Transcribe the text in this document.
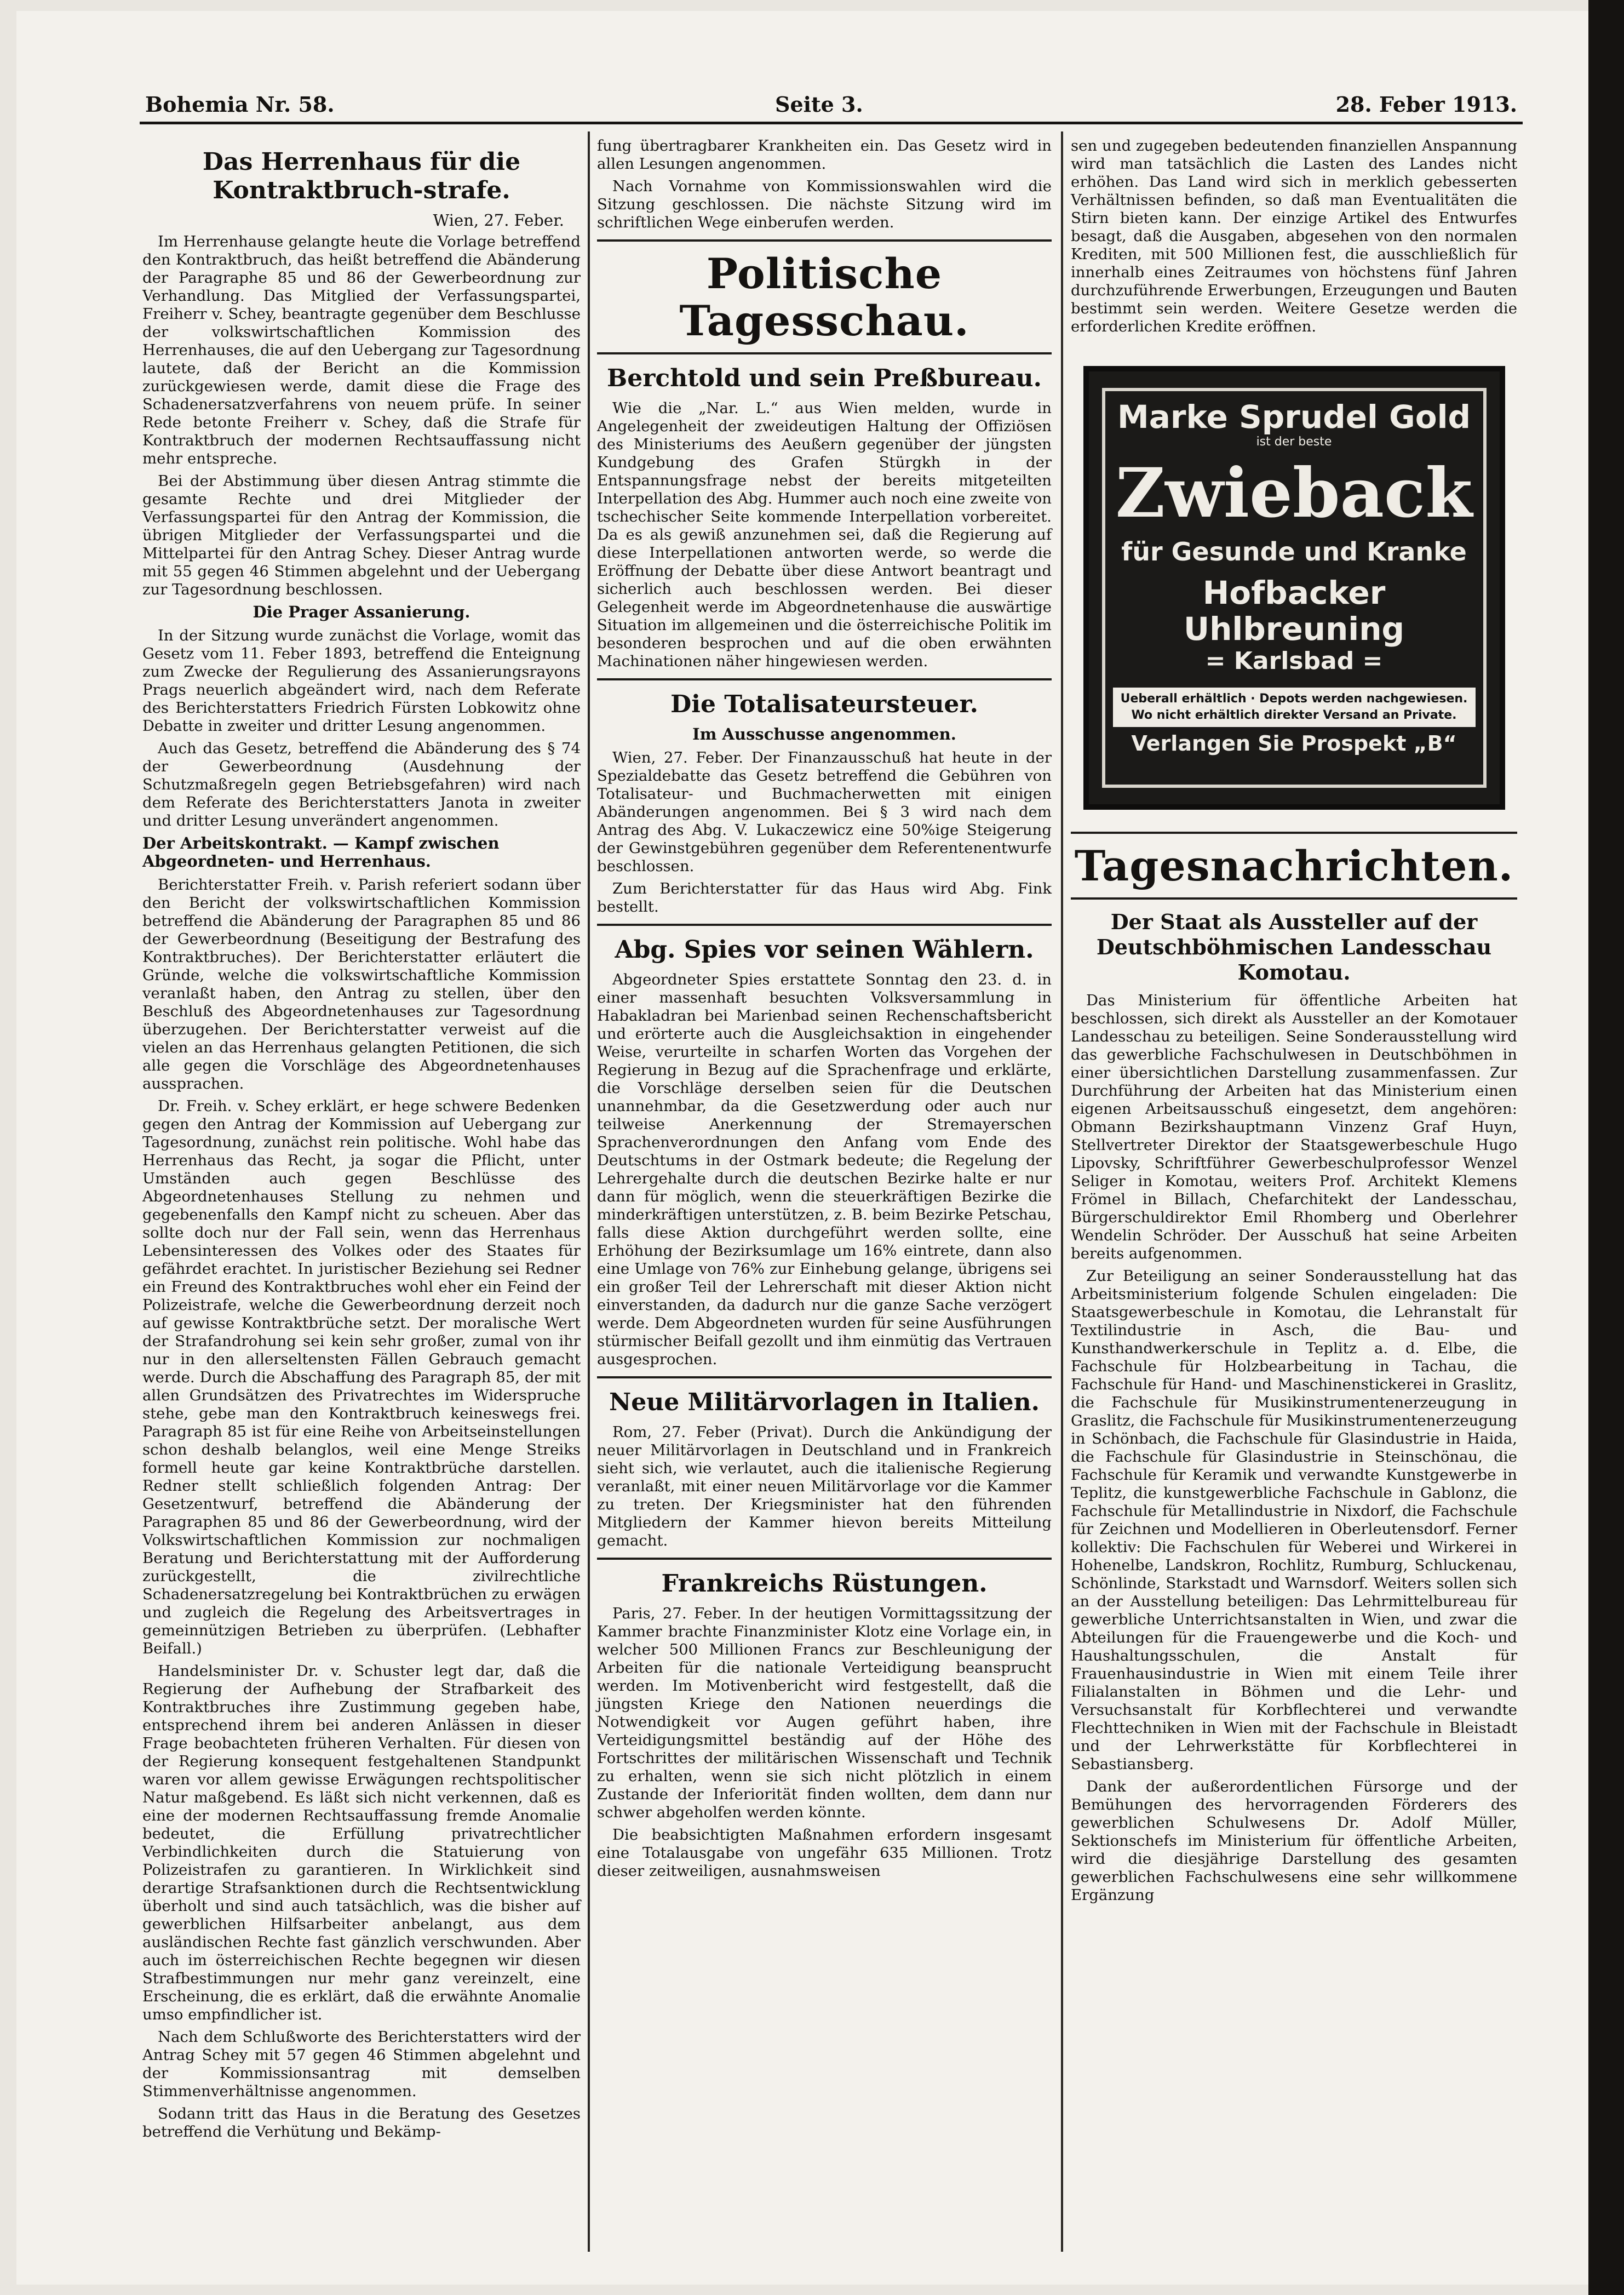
Bohemia Nr. 58.	Seite 3.	28. Feber 1913.
Das Herrenhaus für die Kontraktbruch-strafe.
Wien, 27. Feber.

Im Herrenhause gelangte heute die Vorlage betreffend den Kontraktbruch, das heißt betreffend die Abänderung der Paragraphe 85 und 86 der Gewerbeordnung zur Verhandlung. Das Mitglied der Verfassungspartei, Freiherr v. Schey, beantragte gegenüber dem Beschlusse der volkswirtschaftlichen Kommission des Herrenhauses, die auf den Uebergang zur Tagesordnung lautete, daß der Bericht an die Kommission zurückgewiesen werde, damit diese die Frage des Schadenersatzverfahrens von neuem prüfe. In seiner Rede betonte Freiherr v. Schey, daß die Strafe für Kontraktbruch der modernen Rechtsauffassung nicht mehr entspreche.

Bei der Abstimmung über diesen Antrag stimmte die gesamte Rechte und drei Mitglieder der Verfassungspartei für den Antrag der Kommission, die übrigen Mitglieder der Verfassungspartei und die Mittelpartei für den Antrag Schey. Dieser Antrag wurde mit 55 gegen 46 Stimmen abgelehnt und der Uebergang zur Tagesordnung beschlossen.

Die Prager Assanierung.

In der Sitzung wurde zunächst die Vorlage, womit das Gesetz vom 11. Feber 1893, betreffend die Enteignung zum Zwecke der Regulierung des Assanierungsrayons Prags neuerlich abgeändert wird, nach dem Referate des Berichterstatters Friedrich Fürsten Lobkowitz ohne Debatte in zweiter und dritter Lesung angenommen.

Auch das Gesetz, betreffend die Abänderung des § 74 der Gewerbeordnung (Ausdehnung der Schutzmaßregeln gegen Betriebsgefahren) wird nach dem Referate des Berichterstatters Janota in zweiter und dritter Lesung unverändert angenommen.

Der Arbeitskontrakt. — Kampf zwischen Abgeordneten- und Herrenhaus.

Berichterstatter Freih. v. Parish referiert sodann über den Bericht der volkswirtschaftlichen Kommission betreffend die Abänderung der Paragraphen 85 und 86 der Gewerbeordnung (Beseitigung der Bestrafung des Kontraktbruches). Der Berichterstatter erläutert die Gründe, welche die volkswirtschaftliche Kommission veranlaßt haben, den Antrag zu stellen, über den Beschluß des Abgeordnetenhauses zur Tagesordnung überzugehen. Der Berichterstatter verweist auf die vielen an das Herrenhaus gelangten Petitionen, die sich alle gegen die Vorschläge des Abgeordnetenhauses aussprachen.

Dr. Freih. v. Schey erklärt, er hege schwere Bedenken gegen den Antrag der Kommission auf Uebergang zur Tagesordnung, zunächst rein politische. Wohl habe das Herrenhaus das Recht, ja sogar die Pflicht, unter Umständen auch gegen Beschlüsse des Abgeordnetenhauses Stellung zu nehmen und gegebenenfalls den Kampf nicht zu scheuen. Aber das sollte doch nur der Fall sein, wenn das Herrenhaus Lebensinteressen des Volkes oder des Staates für gefährdet erachtet. In juristischer Beziehung sei Redner ein Freund des Kontraktbruches wohl eher ein Feind der Polizeistrafe, welche die Gewerbeordnung derzeit noch auf gewisse Kontraktbrüche setzt. Der moralische Wert der Strafandrohung sei kein sehr großer, zumal von ihr nur in den allerseltensten Fällen Gebrauch gemacht werde. Durch die Abschaffung des Paragraph 85, der mit allen Grundsätzen des Privatrechtes im Widerspruche stehe, gebe man den Kontraktbruch keineswegs frei. Paragraph 85 ist für eine Reihe von Arbeitseinstellungen schon deshalb belanglos, weil eine Menge Streiks formell heute gar keine Kontraktbrüche darstellen. Redner stellt schließlich folgenden Antrag: Der Gesetzentwurf, betreffend die Abänderung der Paragraphen 85 und 86 der Gewerbeordnung, wird der Volkswirtschaftlichen Kommission zur nochmaligen Beratung und Berichterstattung mit der Aufforderung zurückgestellt, die zivilrechtliche Schadenersatzregelung bei Kontraktbrüchen zu erwägen und zugleich die Regelung des Arbeitsvertrages in gemeinnützigen Betrieben zu überprüfen. (Lebhafter Beifall.)

Handelsminister Dr. v. Schuster legt dar, daß die Regierung der Aufhebung der Strafbarkeit des Kontraktbruches ihre Zustimmung gegeben habe, entsprechend ihrem bei anderen Anlässen in dieser Frage beobachteten früheren Verhalten. Für diesen von der Regierung konsequent festgehaltenen Standpunkt waren vor allem gewisse Erwägungen rechtspolitischer Natur maßgebend. Es läßt sich nicht verkennen, daß es eine der modernen Rechtsauffassung fremde Anomalie bedeutet, die Erfüllung privatrechtlicher Verbindlichkeiten durch die Statuierung von Polizeistrafen zu garantieren. In Wirklichkeit sind derartige Strafsanktionen durch die Rechtsentwicklung überholt und sind auch tatsächlich, was die bisher auf gewerblichen Hilfsarbeiter anbelangt, aus dem ausländischen Rechte fast gänzlich verschwunden. Aber auch im österreichischen Rechte begegnen wir diesen Strafbestimmungen nur mehr ganz vereinzelt, eine Erscheinung, die es erklärt, daß die erwähnte Anomalie umso empfindlicher ist.

Nach dem Schlußworte des Berichterstatters wird der Antrag Schey mit 57 gegen 46 Stimmen abgelehnt und der Kommissionsantrag mit demselben Stimmenverhältnisse angenommen.

Sodann tritt das Haus in die Beratung des Gesetzes betreffend die Verhütung und Bekämp-

fung übertragbarer Krankheiten ein. Das Gesetz wird in allen Lesungen angenommen.

Nach Vornahme von Kommissionswahlen wird die Sitzung geschlossen. Die nächste Sitzung wird im schriftlichen Wege einberufen werden.

Politische Tagesschau.
Berchtold und sein Preßbureau.

Wie die „Nar. L.“ aus Wien melden, wurde in Angelegenheit der zweideutigen Haltung der Offiziösen des Ministeriums des Aeußern gegenüber der jüngsten Kundgebung des Grafen Stürgkh in der Entspannungsfrage nebst der bereits mitgeteilten Interpellation des Abg. Hummer auch noch eine zweite von tschechischer Seite kommende Interpellation vorbereitet. Da es als gewiß anzunehmen sei, daß die Regierung auf diese Interpellationen antworten werde, so werde die Eröffnung der Debatte über diese Antwort beantragt und sicherlich auch beschlossen werden. Bei dieser Gelegenheit werde im Abgeordnetenhause die auswärtige Situation im allgemeinen und die österreichische Politik im besonderen besprochen und auf die oben erwähnten Machinationen näher hingewiesen werden.

Die Totalisateursteuer.
Im Ausschusse angenommen.

Wien, 27. Feber. Der Finanzausschuß hat heute in der Spezialdebatte das Gesetz betreffend die Gebühren von Totalisateur- und Buchmacherwetten mit einigen Abänderungen angenommen. Bei § 3 wird nach dem Antrag des Abg. V. Lukaczewicz eine 50%ige Steigerung der Gewinstgebühren gegenüber dem Referentenentwurfe beschlossen.

Zum Berichterstatter für das Haus wird Abg. Fink bestellt.

Abg. Spies vor seinen Wählern.

Abgeordneter Spies erstattete Sonntag den 23. d. in einer massenhaft besuchten Volksversammlung in Habakladran bei Marienbad seinen Rechenschaftsbericht und erörterte auch die Ausgleichsaktion in eingehender Weise, verurteilte in scharfen Worten das Vorgehen der Regierung in Bezug auf die Sprachenfrage und erklärte, die Vorschläge derselben seien für die Deutschen unannehmbar, da die Gesetzwerdung oder auch nur teilweise Anerkennung der Stremayerschen Sprachenverordnungen den Anfang vom Ende des Deutschtums in der Ostmark bedeute; die Regelung der Lehrergehalte durch die deutschen Bezirke halte er nur dann für möglich, wenn die steuerkräftigen Bezirke die minderkräftigen unterstützen, z. B. beim Bezirke Petschau, falls diese Aktion durchgeführt werden sollte, eine Erhöhung der Bezirksumlage um 16% eintrete, dann also eine Umlage von 76% zur Einhebung gelange, übrigens sei ein großer Teil der Lehrerschaft mit dieser Aktion nicht einverstanden, da dadurch nur die ganze Sache verzögert werde. Dem Abgeordneten wurden für seine Ausführungen stürmischer Beifall gezollt und ihm einmütig das Vertrauen ausgesprochen.

Neue Militärvorlagen in Italien.

Rom, 27. Feber (Privat). Durch die Ankündigung der neuer Militärvorlagen in Deutschland und in Frankreich sieht sich, wie verlautet, auch die italienische Regierung veranlaßt, mit einer neuen Militärvorlage vor die Kammer zu treten. Der Kriegsminister hat den führenden Mitgliedern der Kammer hievon bereits Mitteilung gemacht.

Frankreichs Rüstungen.

Paris, 27. Feber. In der heutigen Vormittagssitzung der Kammer brachte Finanzminister Klotz eine Vorlage ein, in welcher 500 Millionen Francs zur Beschleunigung der Arbeiten für die nationale Verteidigung beansprucht werden. Im Motivenbericht wird festgestellt, daß die jüngsten Kriege den Nationen neuerdings die Notwendigkeit vor Augen geführt haben, ihre Verteidigungsmittel beständig auf der Höhe des Fortschrittes der militärischen Wissenschaft und Technik zu erhalten, wenn sie sich nicht plötzlich in einem Zustande der Inferiorität finden wollten, dem dann nur schwer abgeholfen werden könnte.

Die beabsichtigten Maßnahmen erfordern insgesamt eine Totalausgabe von ungefähr 635 Millionen. Trotz dieser zeitweiligen, ausnahmsweisen

sen und zugegeben bedeutenden finanziellen Anspannung wird man tatsächlich die Lasten des Landes nicht erhöhen. Das Land wird sich in merklich gebesserten Verhältnissen befinden, so daß man Eventualitäten die Stirn bieten kann. Der einzige Artikel des Entwurfes besagt, daß die Ausgaben, abgesehen von den normalen Krediten, mit 500 Millionen fest, die ausschließlich für innerhalb eines Zeitraumes von höchstens fünf Jahren durchzuführende Erwerbungen, Erzeugungen und Bauten bestimmt sein werden. Weitere Gesetze werden die erforderlichen Kredite eröffnen.

Marke Sprudel Gold
ist der beste
Zwieback
für Gesunde und Kranke
Hofbacker Uhlbreuning
= Karlsbad =
Ueberall erhältlich · Depots werden nachgewiesen. Wo nicht erhältlich direkter Versand an Private.
Verlangen Sie Prospekt „B“
Tagesnachrichten.
Der Staat als Aussteller auf der Deutschböhmischen Landesschau Komotau.

Das Ministerium für öffentliche Arbeiten hat beschlossen, sich direkt als Aussteller an der Komotauer Landesschau zu beteiligen. Seine Sonderausstellung wird das gewerbliche Fachschulwesen in Deutschböhmen in einer übersichtlichen Darstellung zusammenfassen. Zur Durchführung der Arbeiten hat das Ministerium einen eigenen Arbeitsausschuß eingesetzt, dem angehören: Obmann Bezirkshauptmann Vinzenz Graf Huyn, Stellvertreter Direktor der Staatsgewerbeschule Hugo Lipovsky, Schriftführer Gewerbeschulprofessor Wenzel Seliger in Komotau, weiters Prof. Architekt Klemens Frömel in Billach, Chefarchitekt der Landesschau, Bürgerschuldirektor Emil Rhomberg und Oberlehrer Wendelin Schröder. Der Ausschuß hat seine Arbeiten bereits aufgenommen.

Zur Beteiligung an seiner Sonderausstellung hat das Arbeitsministerium folgende Schulen eingeladen: Die Staatsgewerbeschule in Komotau, die Lehranstalt für Textilindustrie in Asch, die Bau- und Kunsthandwerkerschule in Teplitz a. d. Elbe, die Fachschule für Holzbearbeitung in Tachau, die Fachschule für Hand- und Maschinenstickerei in Graslitz, die Fachschule für Musikinstrumentenerzeugung in Graslitz, die Fachschule für Musikinstrumentenerzeugung in Schönbach, die Fachschule für Glasindustrie in Haida, die Fachschule für Glasindustrie in Steinschönau, die Fachschule für Keramik und verwandte Kunstgewerbe in Teplitz, die kunstgewerbliche Fachschule in Gablonz, die Fachschule für Metallindustrie in Nixdorf, die Fachschule für Zeichnen und Modellieren in Oberleutensdorf. Ferner kollektiv: Die Fachschulen für Weberei und Wirkerei in Hohenelbe, Landskron, Rochlitz, Rumburg, Schluckenau, Schönlinde, Starkstadt und Warnsdorf. Weiters sollen sich an der Ausstellung beteiligen: Das Lehrmittelbureau für gewerbliche Unterrichtsanstalten in Wien, und zwar die Abteilungen für die Frauengewerbe und die Koch- und Haushaltungsschulen, die Anstalt für Frauenhausindustrie in Wien mit einem Teile ihrer Filialanstalten in Böhmen und die Lehr- und Versuchsanstalt für Korbflechterei und verwandte Flechttechniken in Wien mit der Fachschule in Bleistadt und der Lehrwerkstätte für Korbflechterei in Sebastiansberg.

Dank der außerordentlichen Fürsorge und der Bemühungen des hervorragenden Förderers des gewerblichen Schulwesens Dr. Adolf Müller, Sektionschefs im Ministerium für öffentliche Arbeiten, wird die diesjährige Darstellung des gesamten gewerblichen Fachschulwesens eine sehr willkommene Ergänzung
